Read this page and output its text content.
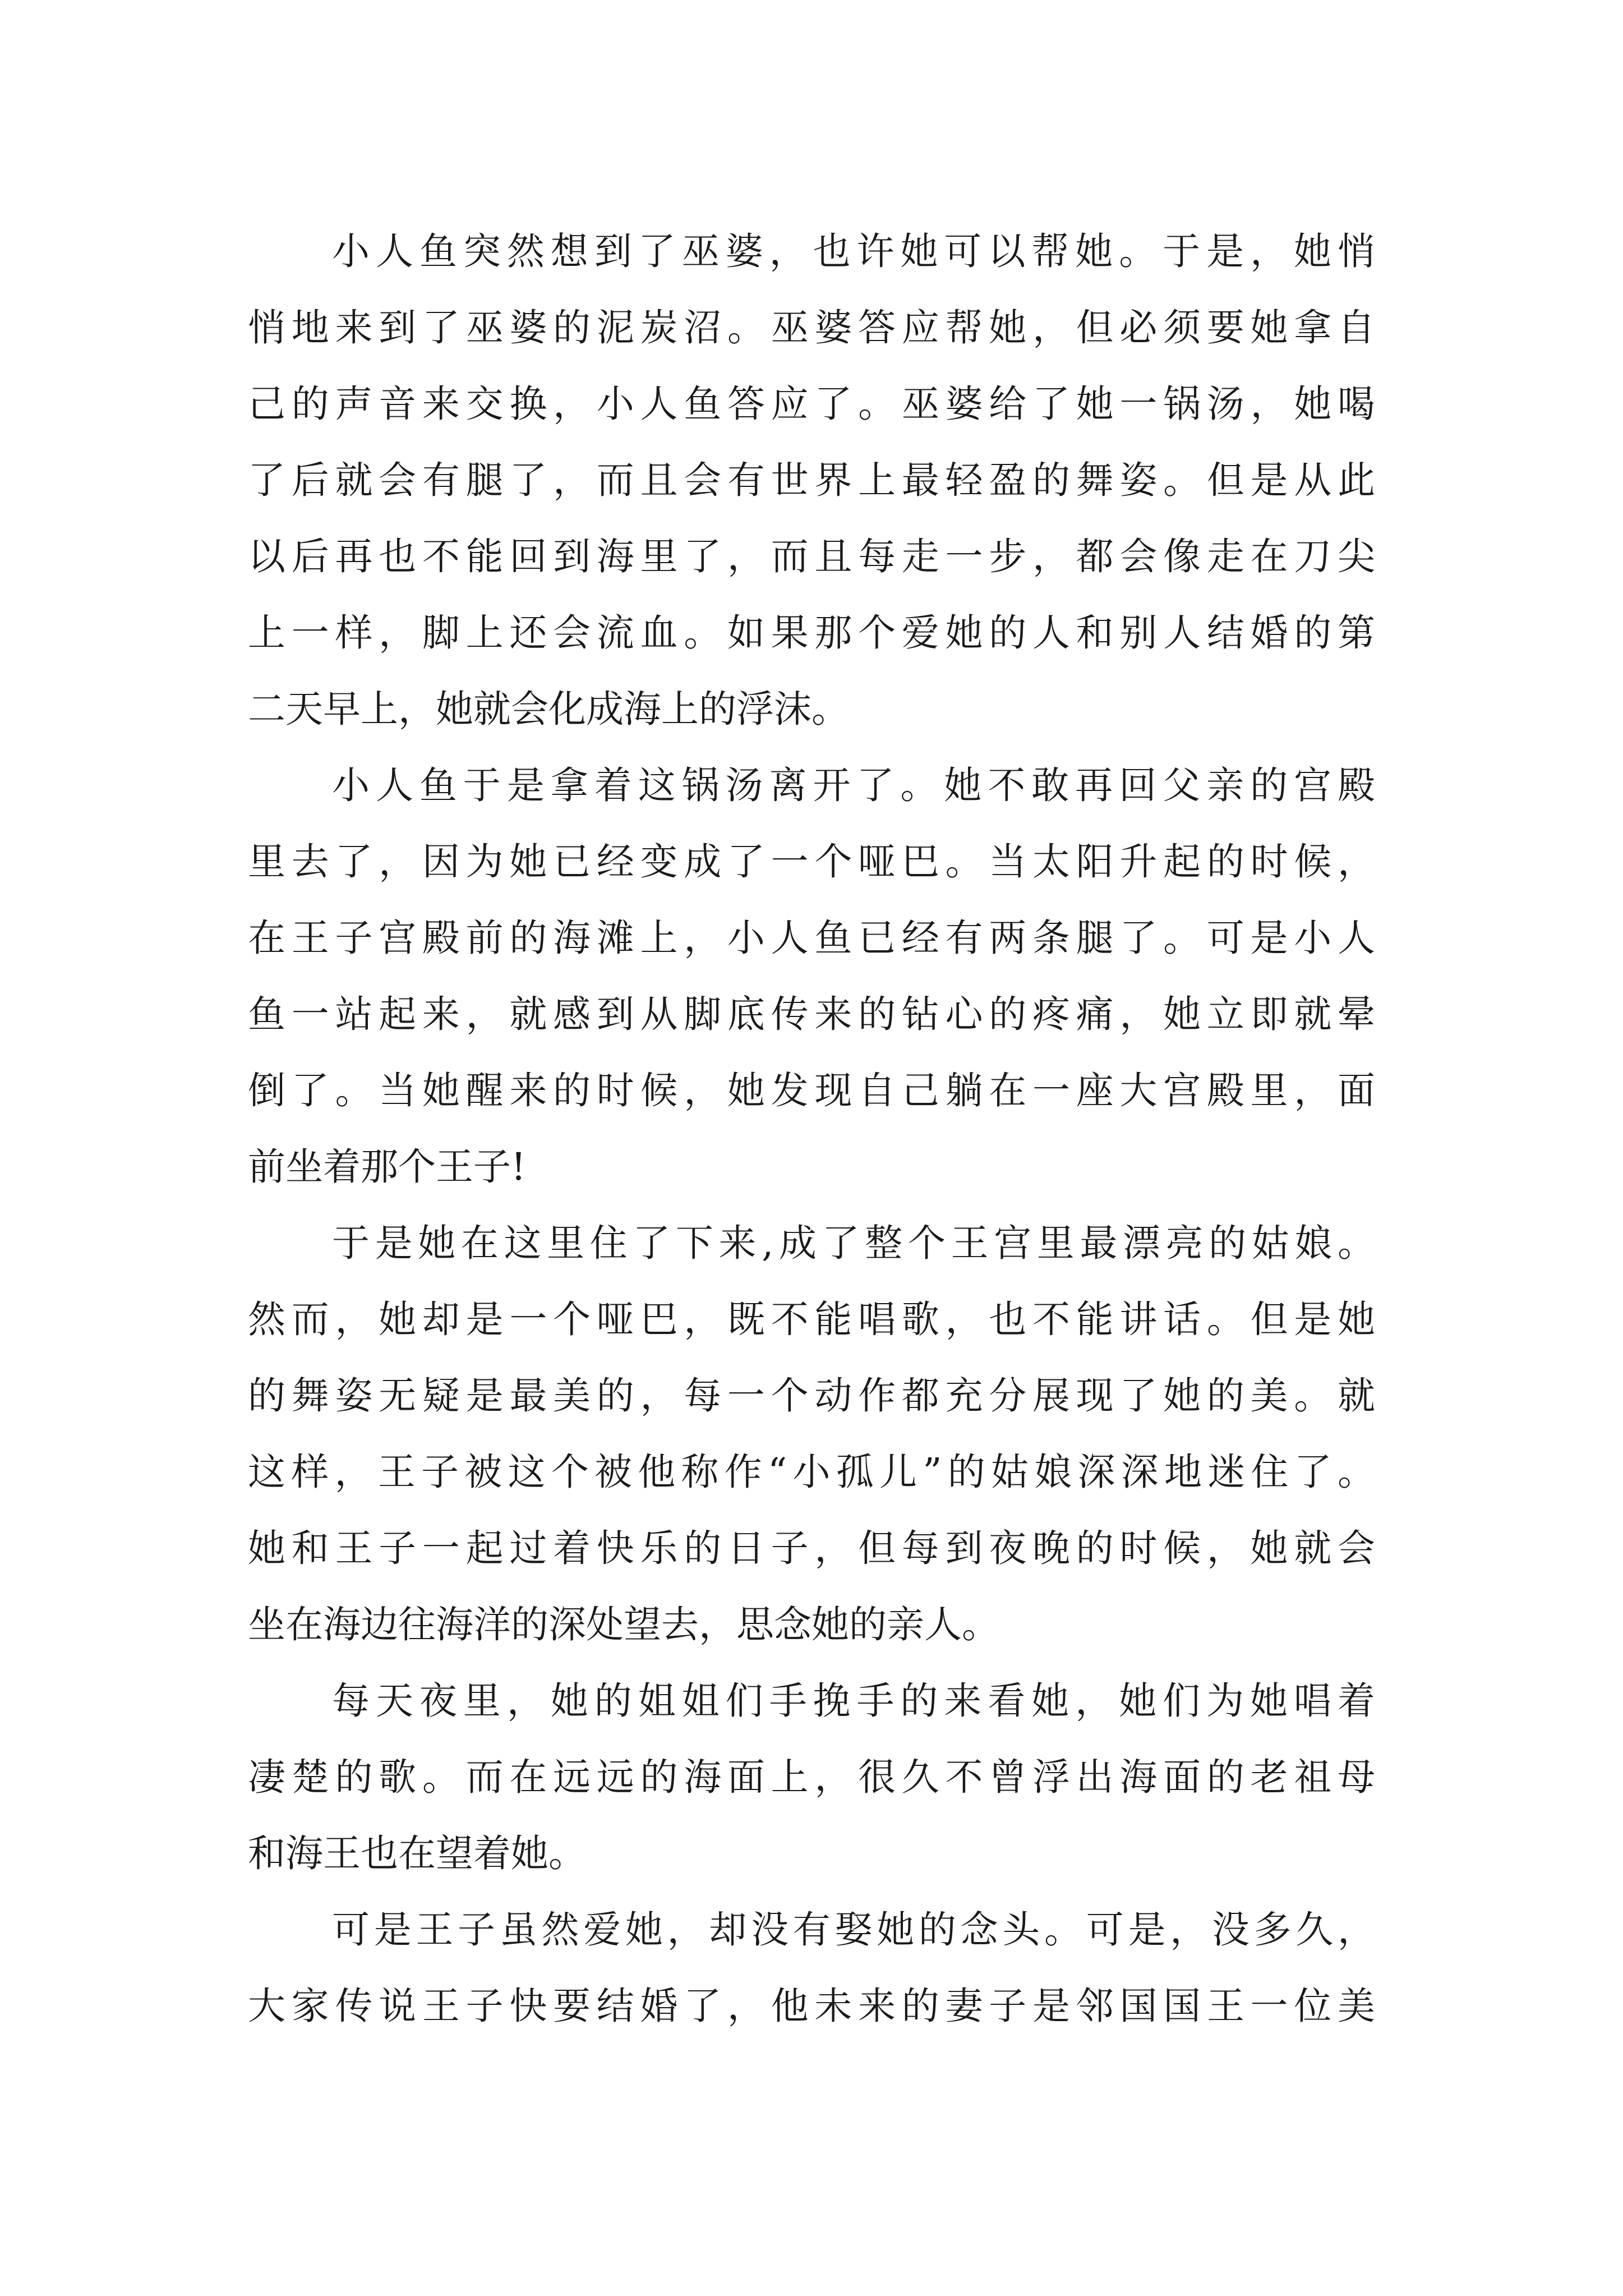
小人鱼突然想到了巫婆，也许她可以帮她。于是，她悄
悄地来到了巫婆的泥炭沼。巫婆答应帮她，但必须要她拿自
己的声音来交换，小人鱼答应了。巫婆给了她一锅汤，她喝
了后就会有腿了，而且会有世界上最轻盈的舞姿。但是从此
以后再也不能回到海里了，而且每走一步，都会像走在刀尖
上一样，脚上还会流血。如果那个爱她的人和别人结婚的第
二天早上，她就会化成海上的浮沫。
小人鱼于是拿着这锅汤离开了。她不敢再回父亲的宫殿
里去了，因为她已经变成了一个哑巴。当太阳升起的时候，
在王子宫殿前的海滩上，小人鱼已经有两条腿了。可是小人
鱼一站起来，就感到从脚底传来的钻心的疼痛，她立即就晕
倒了。当她醒来的时候，她发现自己躺在一座大宫殿里，面
前坐着那个王子!
于是她在这里住了下来,成了整个王宫里最漂亮的姑娘。
然而，她却是一个哑巴，既不能唱歌，也不能讲话。但是她
的舞姿无疑是最美的，每一个动作都充分展现了她的美。就
这样，王子被这个被他称作“小孤儿”的姑娘深深地迷住了。
她和王子一起过着快乐的日子，但每到夜晚的时候，她就会
坐在海边往海洋的深处望去，思念她的亲人。
每天夜里，她的姐姐们手挽手的来看她，她们为她唱着
凄楚的歌。而在远远的海面上，很久不曾浮出海面的老祖母
和海王也在望着她。
可是王子虽然爱她，却没有娶她的念头。可是，没多久，
大家传说王子快要结婚了，他未来的妻子是邻国国王一位美
